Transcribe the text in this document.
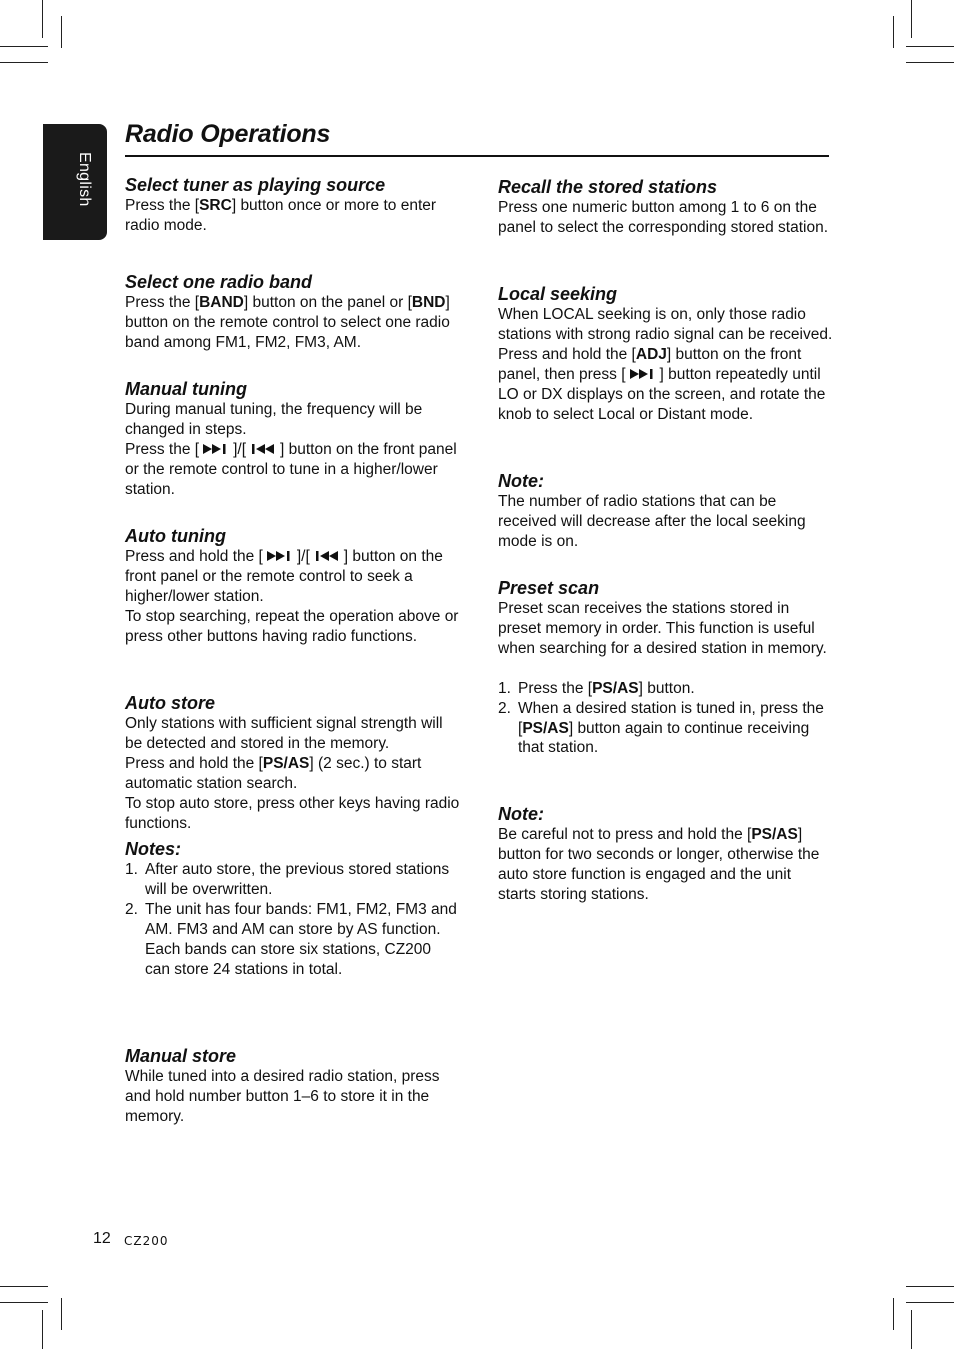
English
Radio Operations
Select tuner as playing source

Press the [SRC] button once or more to enter radio mode.

Select one radio band

Press the [BAND] button on the panel or [BND] button on the remote control to select one radio band among FM1, FM2, FM3, AM.

Manual tuning

During manual tuning, the frequency will be changed in steps.

Press the [ ]/[ ] button on the front panel or the remote control to tune in a higher/lower station.

Auto tuning

Press and hold the [ ]/[ ] button on the front panel or the remote control to seek a higher/lower station.

To stop searching, repeat the operation above or press other buttons having radio functions.

Auto store

Only stations with sufficient signal strength will be detected and stored in the memory.

Press and hold the [PS/AS] (2 sec.) to start automatic station search.

To stop auto store, press other keys having radio functions.

Notes:
1. After auto store, the previous stored stations will be overwritten.
2. The unit has four bands: FM1, FM2, FM3 and AM. FM3 and AM can store by AS function. Each bands can store six stations, CZ200 can store 24 stations in total.
Manual store

While tuned into a desired radio station, press and hold number button 1–6 to store it in the memory.

Recall the stored stations

Press one numeric button among 1 to 6 on the panel to select the corresponding stored station.

Local seeking

When LOCAL seeking is on, only those radio stations with strong radio signal can be received.

Press and hold the [ADJ] button on the front panel, then press [ ] button repeatedly until LO or DX displays on the screen, and rotate the knob to select Local or Distant mode.

Note:

The number of radio stations that can be received will decrease after the local seeking mode is on.

Preset scan

Preset scan receives the stations stored in preset memory in order. This function is useful when searching for a desired station in memory.

1. Press the [PS/AS] button.
2. When a desired station is tuned in, press the [PS/AS] button again to continue receiving that station.
Note:

Be careful not to press and hold the [PS/AS] button for two seconds or longer, otherwise the auto store function is engaged and the unit starts storing stations.

12 CZ200
